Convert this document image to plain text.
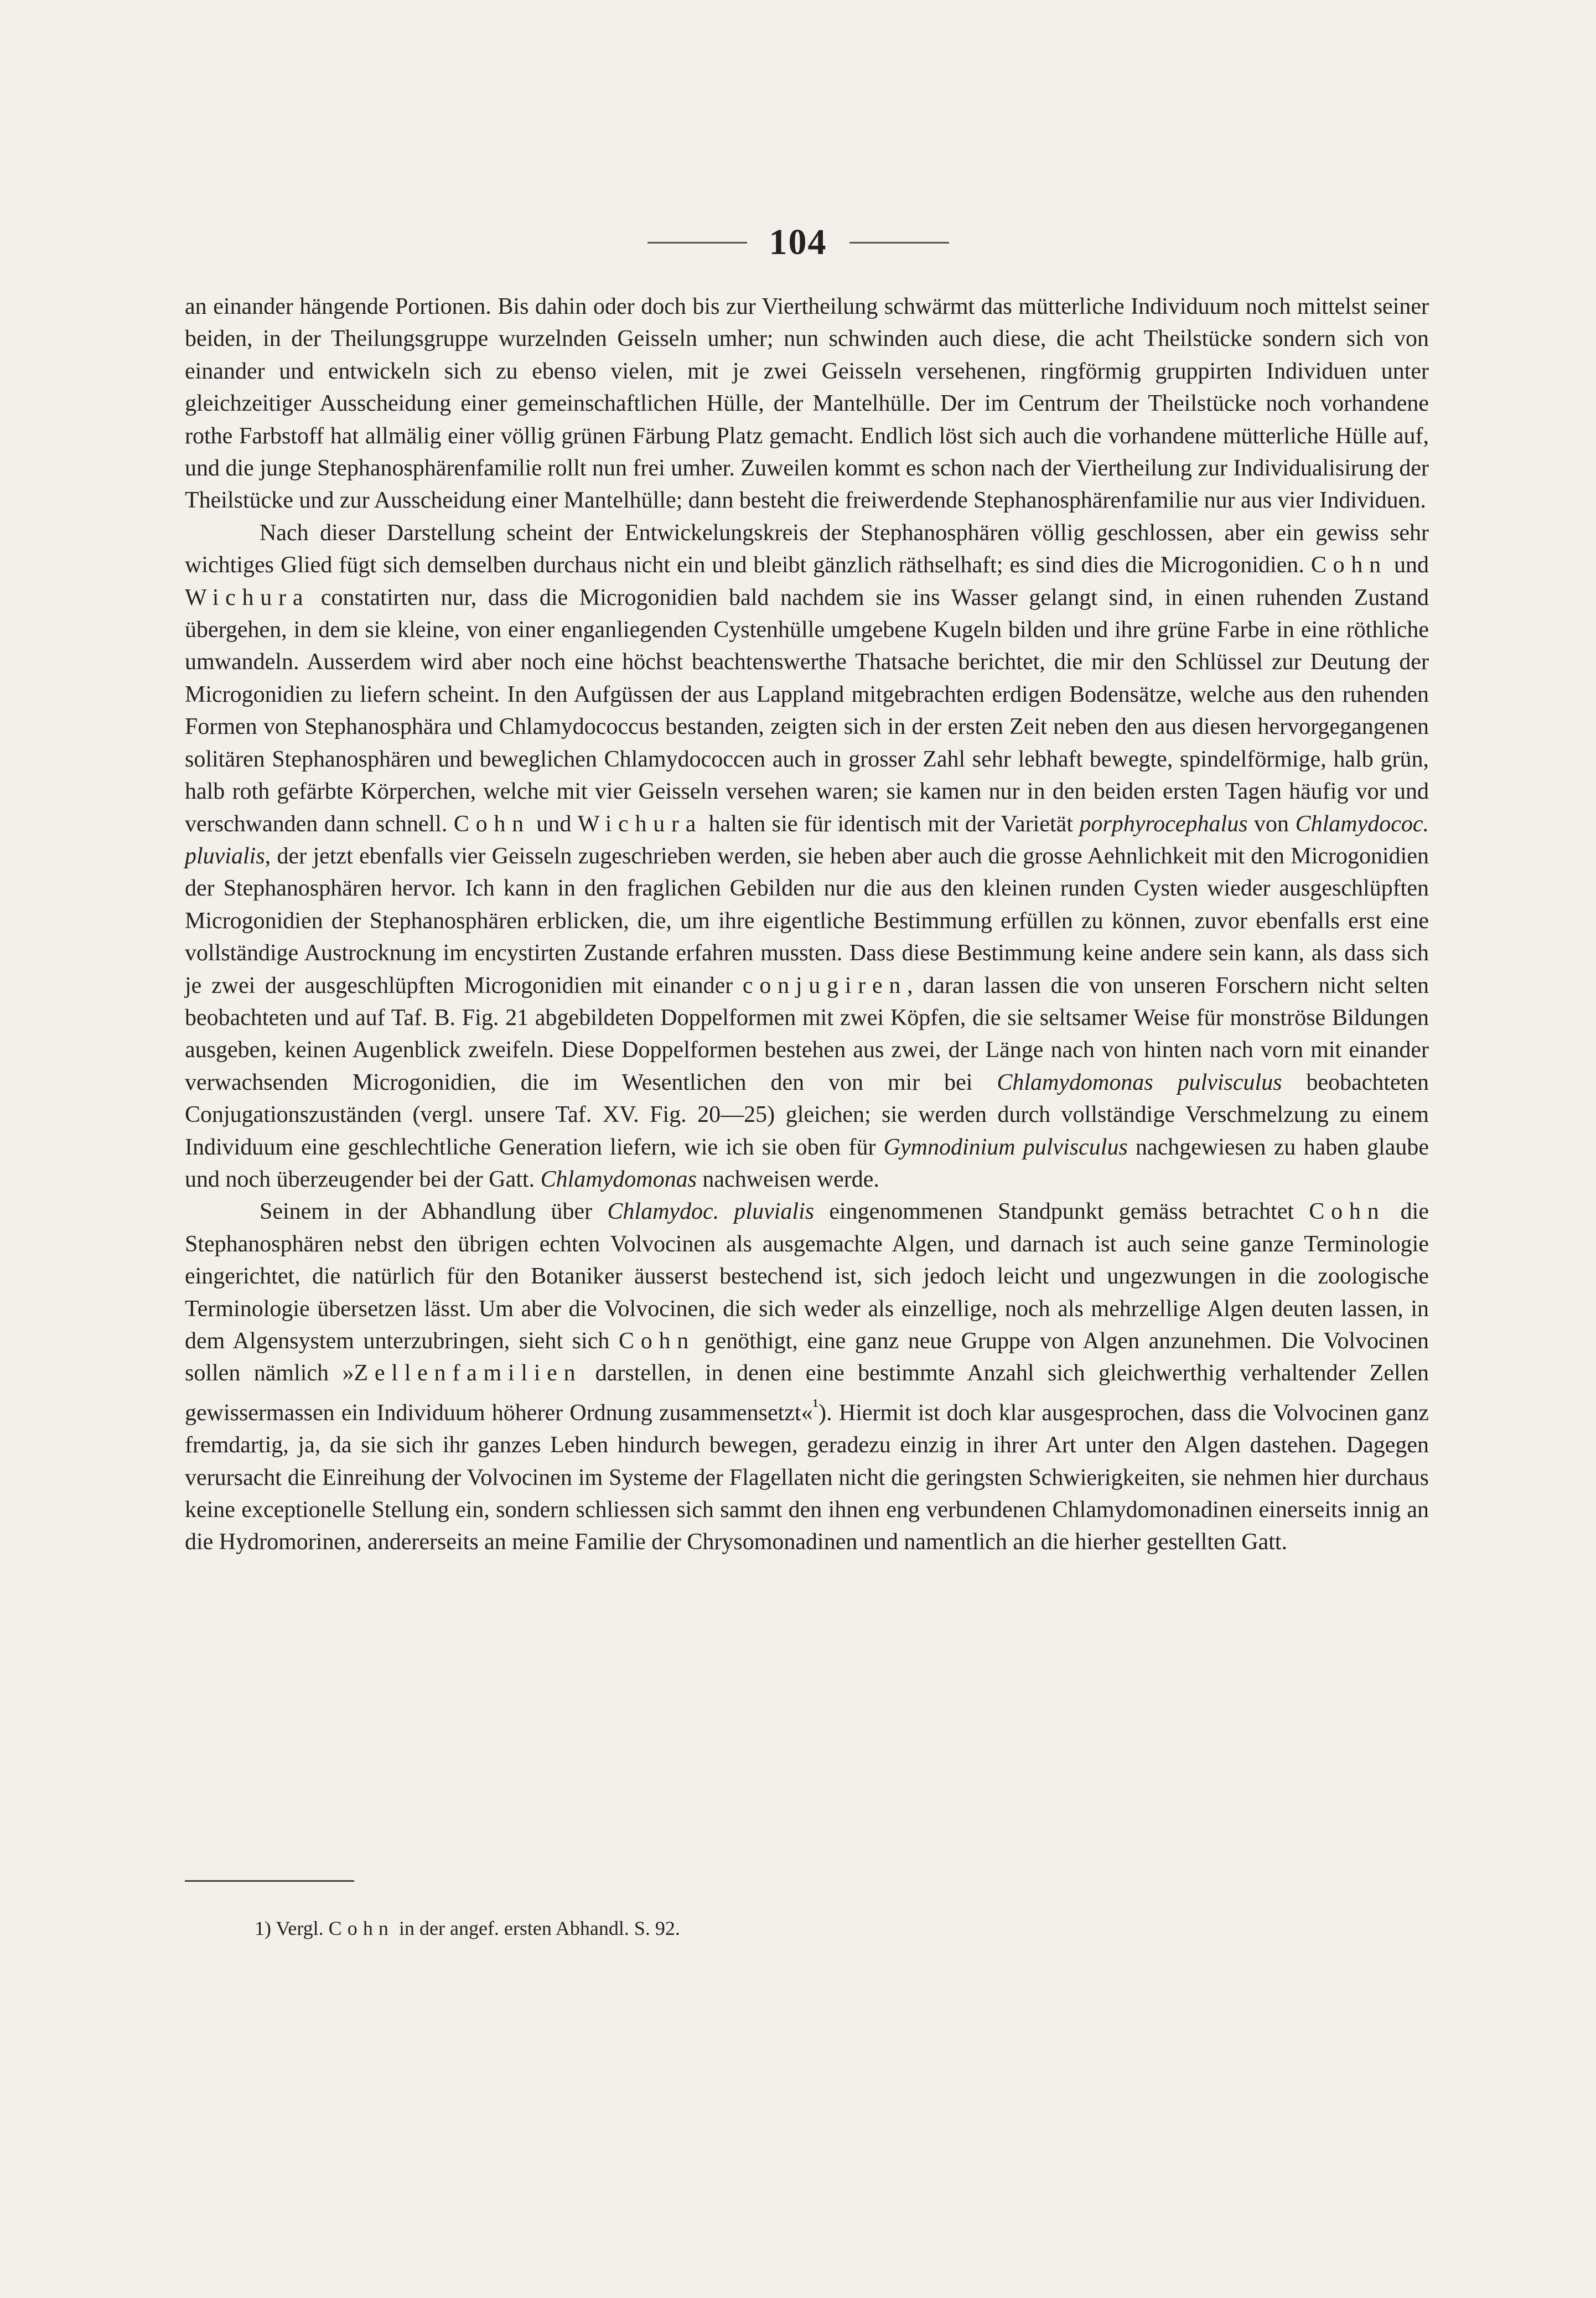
104

an einander hängende Portionen. Bis dahin oder doch bis zur Viertheilung schwärmt das mütterliche Individuum noch mittelst seiner beiden, in der Theilungsgruppe wurzelnden Geisseln umher; nun schwinden auch diese, die acht Theilstücke sondern sich von einander und entwickeln sich zu ebenso vielen, mit je zwei Geisseln versehenen, ringförmig gruppirten Individuen unter gleichzeitiger Ausscheidung einer gemeinschaftlichen Hülle, der Mantelhülle. Der im Centrum der Theilstücke noch vorhandene rothe Farbstoff hat allmälig einer völlig grünen Färbung Platz gemacht. Endlich löst sich auch die vorhandene mütterliche Hülle auf, und die junge Stephanosphärenfamilie rollt nun frei umher. Zuweilen kommt es schon nach der Viertheilung zur Individualisirung der Theilstücke und zur Ausscheidung einer Mantelhülle; dann besteht die freiwerdende Stephanosphärenfamilie nur aus vier Individuen.

Nach dieser Darstellung scheint der Entwickelungskreis der Stephanosphären völlig geschlossen, aber ein gewiss sehr wichtiges Glied fügt sich demselben durchaus nicht ein und bleibt gänzlich räthselhaft; es sind dies die Microgonidien. Cohn und Wichura constatirten nur, dass die Microgonidien bald nachdem sie ins Wasser gelangt sind, in einen ruhenden Zustand übergehen, in dem sie kleine, von einer enganliegenden Cystenhülle umgebene Kugeln bilden und ihre grüne Farbe in eine röthliche umwandeln. Ausserdem wird aber noch eine höchst beachtenswerthe Thatsache berichtet, die mir den Schlüssel zur Deutung der Microgonidien zu liefern scheint. In den Aufgüssen der aus Lappland mitgebrachten erdigen Bodensätze, welche aus den ruhenden Formen von Stephanosphära und Chlamydococcus bestanden, zeigten sich in der ersten Zeit neben den aus diesen hervorgegangenen solitären Stephanosphären und beweglichen Chlamydococcen auch in grosser Zahl sehr lebhaft bewegte, spindelförmige, halb grün, halb roth gefärbte Körperchen, welche mit vier Geisseln versehen waren; sie kamen nur in den beiden ersten Tagen häufig vor und verschwanden dann schnell. Cohn und Wichura halten sie für identisch mit der Varietät porphyrocephalus von Chlamydococ. pluvialis, der jetzt ebenfalls vier Geisseln zugeschrieben werden, sie heben aber auch die grosse Aehnlichkeit mit den Microgonidien der Stephanosphären hervor. Ich kann in den fraglichen Gebilden nur die aus den kleinen runden Cysten wieder ausgeschlüpften Microgonidien der Stephanosphären erblicken, die, um ihre eigentliche Bestimmung erfüllen zu können, zuvor ebenfalls erst eine vollständige Austrocknung im encystirten Zustande erfahren mussten. Dass diese Bestimmung keine andere sein kann, als dass sich je zwei der ausgeschlüpften Microgonidien mit einander conjugiren, daran lassen die von unseren Forschern nicht selten beobachteten und auf Taf. B. Fig. 21 abgebildeten Doppelformen mit zwei Köpfen, die sie seltsamer Weise für monströse Bildungen ausgeben, keinen Augenblick zweifeln. Diese Doppelformen bestehen aus zwei, der Länge nach von hinten nach vorn mit einander verwachsenden Microgonidien, die im Wesentlichen den von mir bei Chlamydomonas pulvisculus beobachteten Conjugationszuständen (vergl. unsere Taf. XV. Fig. 20—25) gleichen; sie werden durch vollständige Verschmelzung zu einem Individuum eine geschlechtliche Generation liefern, wie ich sie oben für Gymnodinium pulvisculus nachgewiesen zu haben glaube und noch überzeugender bei der Gatt. Chlamydomonas nachweisen werde.

Seinem in der Abhandlung über Chlamydoc. pluvialis eingenommenen Standpunkt gemäss betrachtet Cohn die Stephanosphären nebst den übrigen echten Volvocinen als ausgemachte Algen, und darnach ist auch seine ganze Terminologie eingerichtet, die natürlich für den Botaniker äusserst bestechend ist, sich jedoch leicht und ungezwungen in die zoologische Terminologie übersetzen lässt. Um aber die Volvocinen, die sich weder als einzellige, noch als mehrzellige Algen deuten lassen, in dem Algensystem unterzubringen, sieht sich Cohn genöthigt, eine ganz neue Gruppe von Algen anzunehmen. Die Volvocinen sollen nämlich »Zellenfamilien darstellen, in denen eine bestimmte Anzahl sich gleichwerthig verhaltender Zellen gewissermassen ein Individuum höherer Ordnung zusammensetzt«$^{^1}$). Hiermit ist doch klar ausgesprochen, dass die Volvocinen ganz fremdartig, ja, da sie sich ihr ganzes Leben hindurch bewegen, geradezu einzig in ihrer Art unter den Algen dastehen. Dagegen verursacht die Einreihung der Volvocinen im Systeme der Flagellaten nicht die geringsten Schwierigkeiten, sie nehmen hier durchaus keine exceptionelle Stellung ein, sondern schliessen sich sammt den ihnen eng verbundenen Chlamydomonadinen einerseits innig an die Hydromorinen, andererseits an meine Familie der Chrysomonadinen und namentlich an die hierher gestellten Gatt.

1) Vergl. Cohn in der angef. ersten Abhandl. S. 92.
